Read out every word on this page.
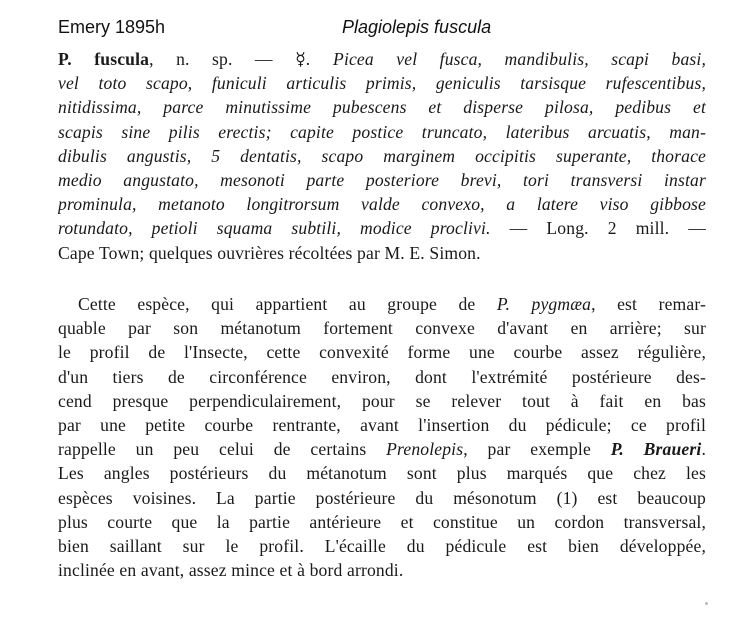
Emery 1895h	Plagiolepis fuscula
P. fuscula, n. sp. — ☿. Picea vel fusca, mandibulis, scapi basi,
vel toto scapo, funiculi articulis primis, geniculis tarsisque rufescentibus,
nitidissima, parce minutissime pubescens et disperse pilosa, pedibus et
scapis sine pilis erectis; capite postice truncato, lateribus arcuatis, man-
dibulis angustis, 5 dentatis, scapo marginem occipitis superante, thorace
medio angustato, mesonoti parte posteriore brevi, tori transversi instar
prominula, metanoto longitrorsum valde convexo, a latere viso gibbose
rotundato, petioli squama subtili, modice proclivi. — Long. 2 mill. —
Cape Town; quelques ouvrières récoltées par M. E. Simon.
Cette espèce, qui appartient au groupe de P. pygmæa, est remar-
quable par son métanotum fortement convexe d'avant en arrière; sur
le profil de l'Insecte, cette convexité forme une courbe assez régulière,
d'un tiers de circonférence environ, dont l'extrémité postérieure des-
cend presque perpendiculairement, pour se relever tout à fait en bas
par une petite courbe rentrante, avant l'insertion du pédicule; ce profil
rappelle un peu celui de certains Prenolepis, par exemple P. Braueri.
Les angles postérieurs du métanotum sont plus marqués que chez les
espèces voisines. La partie postérieure du mésonotum (1) est beaucoup
plus courte que la partie antérieure et constitue un cordon transversal,
bien saillant sur le profil. L'écaille du pédicule est bien développée,
inclinée en avant, assez mince et à bord arrondi.
